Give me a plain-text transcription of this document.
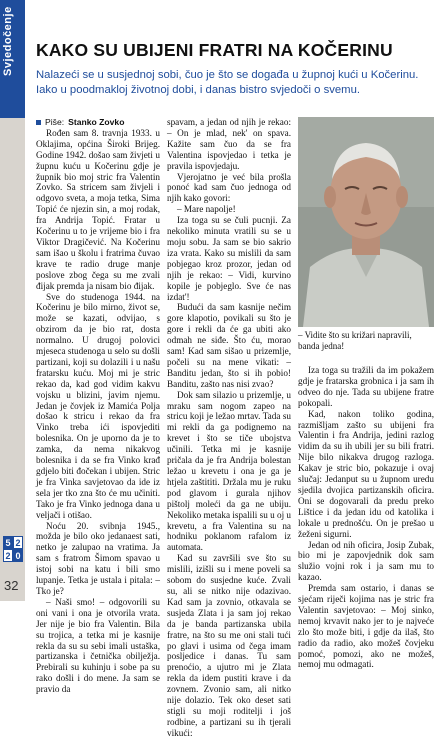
Svjedočenje
5 2
2 0
32
KAKO SU UBIJENI FRATRI NA KOČERINU
Nalazeći se u susjednoj sobi, čuo je što se događa u župnoj kući u Kočerinu. Iako u poodmakloj životnoj dobi, i danas bistro svjedoči o svemu.

Piše: Stanko Zovko

Rođen sam 8. travnja 1933. u Oklajima, općina Široki Brijeg. Godine 1942. došao sam živjeti u župnu kuću u Kočerinu gdje je župnik bio moj stric fra Valentin Zovko. Sa stricem sam živjeli i odgovo sveta, a moja tetka, Sima Topić će njezin sin, a moj rodak, fra Andrija Topić. Fratar u Kočerinu u to je vrijeme bio i fra Viktor Dragičević. Na Kočerinu sam išao u školu i fratrima čuvao krave te radio druge manje poslove zbog čega su me zvali đijak premda ja nisam bio đijak.

Sve do studenoga 1944. na Kočerinu je bilo mirno, život se, može se kazati, odvijao, s obzirom da je bio rat, dosta normalno. U drugoj polovici mjeseca studenoga u selo su došli partizani, koji su dolazili i u našu fratarsku kuću. Moj mi je stric rekao da, kad god vidim kakvu vojsku u blizini, javim njemu. Jedan je čovjek iz Mamića Polja došao k stricu i rekao da fra Vinko treba ići ispovjediti bolesnika. On je uporno da je to zamka, da nema nikakvog bolesnika i da se fra Vinko krađ gdjelo biti đočekan i ubijen. Stric je fra Vinka savjetovao da ide iz sela jer tko zna što će mu učiniti. Tako je fra Vinko jednoga dana u veljači i otišao.

Noću 20. svibnja 1945., možda je bilo oko jedanaest sati, netko je zalupao na vratima. Ja sam s fratrom Šimom spavao u istoj sobi na katu i bili smo lupanje. Tetka je ustala i pitala: – Tko je?

– Naši smo! – odgovorili su oni vani i ona je otvorila vrata. Jer nije je bio fra Valentin. Bila su trojica, a tetka mi je kasnije rekla da su su sebi imali ustaška, partizanska i četnička obilježja. Prebirali su kuhinju i sobe pa su rako došli i do mene. Ja sam se pravio da

spavam, a jedan od njih je rekao: – On je mlad, nek' on spava. Kažite sam čuo da se fra Valentina ispovjedao i tetka je pravila ispovjedaju.

Vjerojatno je već bila prošla ponoć kad sam čuo jednoga od njih kako govori:

– Mare napolje!

Iza toga su se čuli pucnji. Za nekoliko minuta vratili su se u moju sobu. Ja sam se bio sakrio iza vrata. Kako su mislili da sam pobjegao kroz prozor, jedan od njih je rekao: – Vidi, kurvino kopile je pobjeglo. Sve će nas izdat'!

Budući da sam kasnije nečim gore klapotio, povikali su što je gore i rekli da će ga ubiti ako odmah ne siđe. Što ću, morao sam! Kad sam sišao u prizemlje, počeli su na mene vikati: – Banditu jedan, što si ih pobio! Banditu, zašto nas nisi zvao?

Dok sam silazio u prizemlje, u mraku sam nogom zapeo na stricu koji je ležao mrtav. Tada su mi rekli da ga podignemo na krevet i što se tiče ubojstva učinili. Tetka mi je kasnije pričala da je fra Andrija bolestan ležao u krevetu i ona je ga je htjela zaštititi. Držala mu je ruku pod glavom i gurala njihov pištolj moleći da ga ne ubiju. Nekoliko metaka ispalili su u oj u krevetu, a fra Valentina su na hodniku poklanom rafalom iz automata.

Kad su završili sve što su mislili, izišli su i mene poveli sa sobom do susjedne kuće. Zvali su, ali se nitko nije odazivao. Kad sam ja zovnio, otkavala se susjeda Zlata i ja sam joj rekao da je banda partizanska ubila fratre, na što su me oni stali tući po glavi i usima od čega imam posljedice i danas. Tu sam prenoćio, a ujutro mi je Zlata rekla da idem pustiti krave i da zovnem. Zvonio sam, ali nitko nije dolazio. Tek oko deset sati stigli su moji roditelji i još rodbine, a partizani su ih tjerali vikući:

– Vidite što su križari napravili, banda jedna!

Iza toga su tražili da im pokažem gdje je fratarska grobnica i ja sam ih odveo do nje. Tada su ubijene fratre pokopali.

Kad, nakon toliko godina, razmišljam zašto su ubijeni fra Valentin i fra Andrija, jedini razlog vidim da su ih ubili jer su bili fratri. Nije bilo nikakva drugog razloga. Kakav je stric bio, pokazuje i ovaj slučaj: Jedanput su u župnom uredu sjedila dvojica partizanskih oficira. Oni se dogovarali da predu preko Lištice i da jedan idu od katolika i lokale u prednošću. On je prešao u žeženi sigurni.

Jedan od nih oficira, Josip Zubak, bio mi je zapovjednik dok sam služio vojni rok i ja sam mu to kazao.

Premda sam ostario, i danas se sjećam riječi kojima nas je stric fra Valentin savjetovao: – Moj sinko, nemoj krvavit nako jer to je najveće zlo što može biti, i gdje da ilaš, što radio da radio, ako možeš čovjeku pomoć, pomozi, ako ne možeš, nemoj mu odmagati.
